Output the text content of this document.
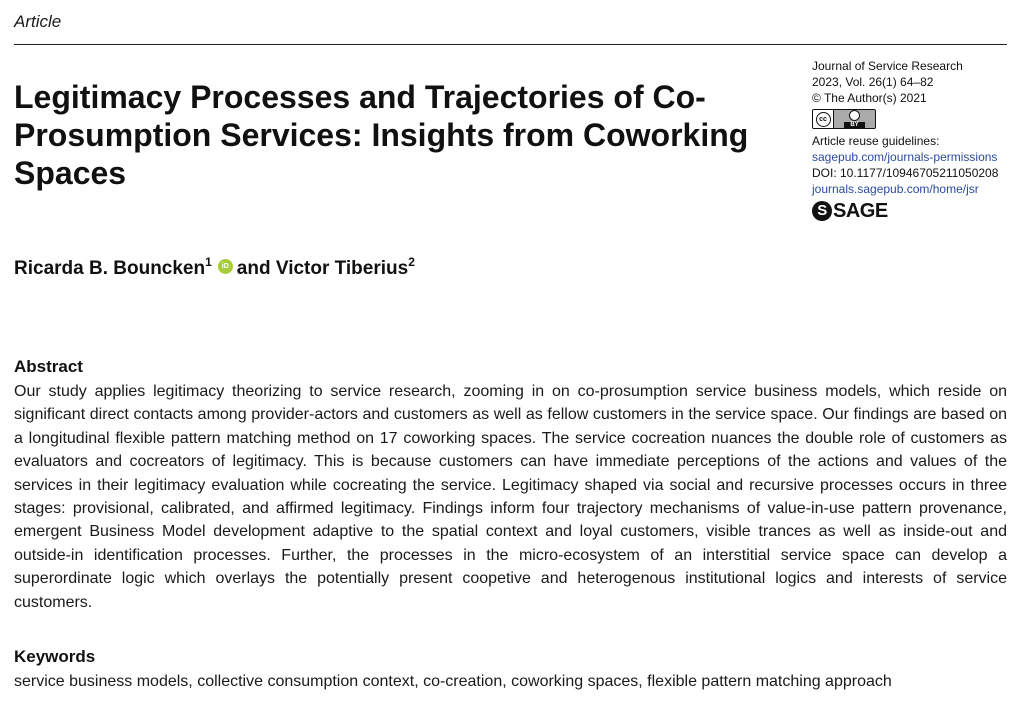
Article
Legitimacy Processes and Trajectories of Co-Prosumption Services: Insights from Coworking Spaces
Journal of Service Research
2023, Vol. 26(1) 64–82
© The Author(s) 2021
cc
BY
Article reuse guidelines:
sagepub.com/journals-permissions
DOI: 10.1177/10946705211050208
journals.sagepub.com/home/jsr
S SAGE
Ricarda B. Bouncken$^1$ iD and Victor Tiberius$^2$
Abstract

Our study applies legitimacy theorizing to service research, zooming in on co-prosumption service business models, which reside on significant direct contacts among provider-actors and customers as well as fellow customers in the service space. Our findings are based on a longitudinal flexible pattern matching method on 17 coworking spaces. The service cocreation nuances the double role of customers as evaluators and cocreators of legitimacy. This is because customers can have immediate perceptions of the actions and values of the services in their legitimacy evaluation while cocreating the service. Legitimacy shaped via social and recursive processes occurs in three stages: provisional, calibrated, and affirmed legitimacy. Findings inform four trajectory mechanisms of value-in-use pattern provenance, emergent Business Model development adaptive to the spatial context and loyal customers, visible trances as well as inside-out and outside-in identification processes. Further, the processes in the micro-ecosystem of an interstitial service space can develop a superordinate logic which overlays the potentially present coopetive and heterogenous institutional logics and interests of service customers.

Keywords

service business models, collective consumption context, co-creation, coworking spaces, flexible pattern matching approach
